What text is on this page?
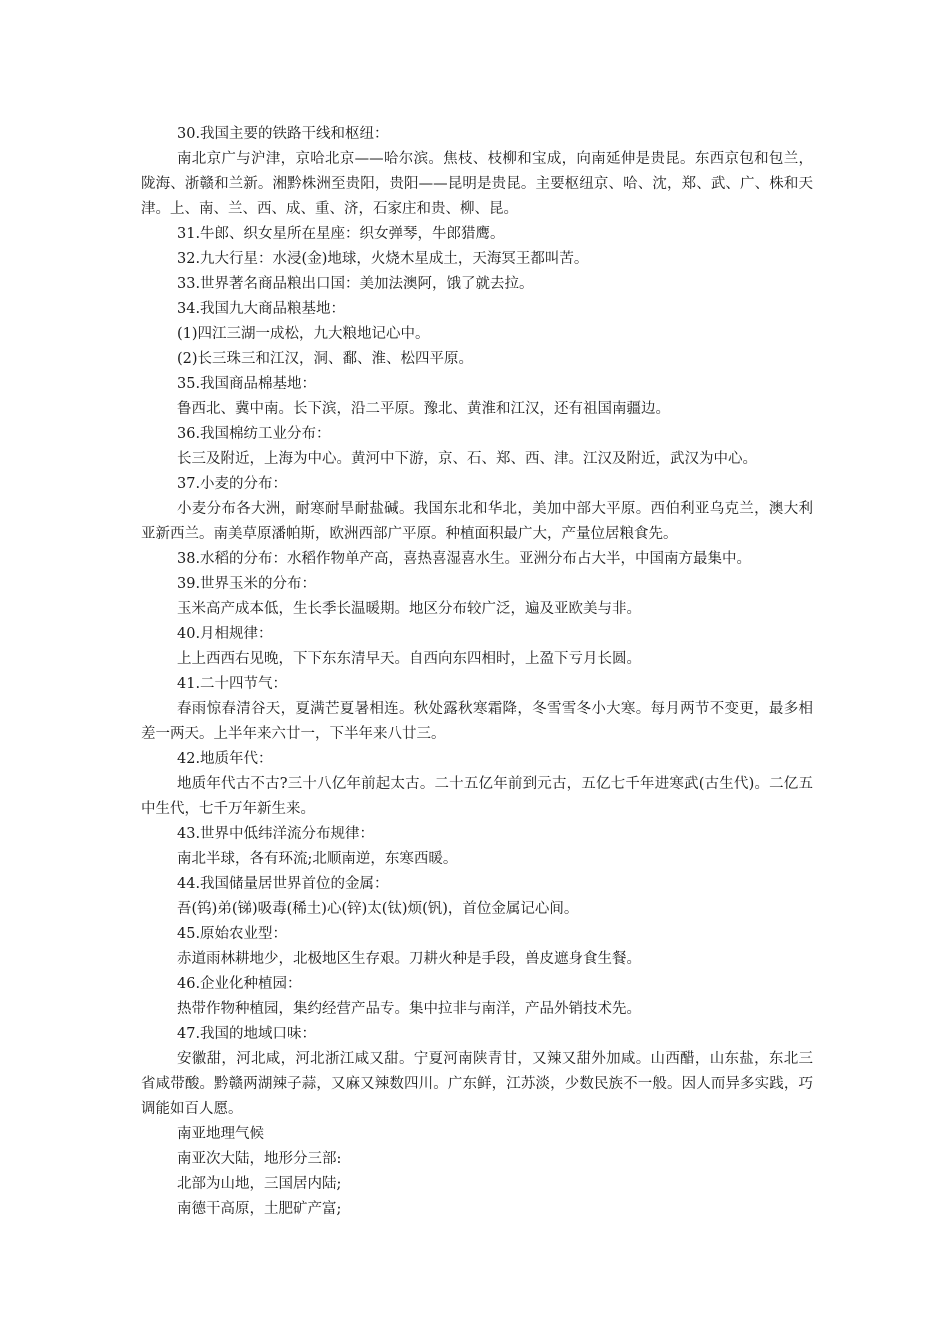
30.我国主要的铁路干线和枢纽：

南北京广与沪津，京哈北京——哈尔滨。焦枝、枝柳和宝成，向南延伸是贵昆。东西京包和包兰，陇海、浙赣和兰新。湘黔株洲至贵阳，贵阳——昆明是贵昆。主要枢纽京、哈、沈，郑、武、广、株和天津。上、南、兰、西、成、重、济，石家庄和贵、柳、昆。

31.牛郎、织女星所在星座：织女弹琴，牛郎猎鹰。

32.九大行星：水浸(金)地球，火烧木星成土，天海冥王都叫苦。

33.世界著名商品粮出口国：美加法澳阿，饿了就去拉。

34.我国九大商品粮基地：

(1)四江三湖一成松，九大粮地记心中。

(2)长三珠三和江汉，洞、鄱、淮、松四平原。

35.我国商品棉基地：

鲁西北、冀中南。长下滨，沿二平原。豫北、黄淮和江汉，还有祖国南疆边。

36.我国棉纺工业分布：

长三及附近，上海为中心。黄河中下游，京、石、郑、西、津。江汉及附近，武汉为中心。

37.小麦的分布：

小麦分布各大洲，耐寒耐旱耐盐碱。我国东北和华北，美加中部大平原。西伯利亚乌克兰，澳大利亚新西兰。南美草原潘帕斯，欧洲西部广平原。种植面积最广大，产量位居粮食先。

38.水稻的分布：水稻作物单产高，喜热喜湿喜水生。亚洲分布占大半，中国南方最集中。

39.世界玉米的分布：

玉米高产成本低，生长季长温暖期。地区分布较广泛，遍及亚欧美与非。

40.月相规律：

上上西西右见晚，下下东东清早天。自西向东四相时，上盈下亏月长圆。

41.二十四节气：

春雨惊春清谷天，夏满芒夏暑相连。秋处露秋寒霜降，冬雪雪冬小大寒。每月两节不变更，最多相差一两天。上半年来六廿一，下半年来八廿三。

42.地质年代：

地质年代古不古?三十八亿年前起太古。二十五亿年前到元古，五亿七千年进寒武(古生代)。二亿五中生代，七千万年新生来。

43.世界中低纬洋流分布规律：

南北半球，各有环流;北顺南逆，东寒西暖。

44.我国储量居世界首位的金属：

吾(钨)弟(锑)吸毒(稀土)心(锌)太(钛)烦(钒)，首位金属记心间。

45.原始农业型：

赤道雨林耕地少，北极地区生存艰。刀耕火种是手段，兽皮遮身食生餐。

46.企业化种植园：

热带作物种植园，集约经营产品专。集中拉非与南洋，产品外销技术先。

47.我国的地域口味：

安徽甜，河北咸，河北浙江咸又甜。宁夏河南陕青甘，又辣又甜外加咸。山西醋，山东盐，东北三省咸带酸。黔赣两湖辣子蒜，又麻又辣数四川。广东鲜，江苏淡，少数民族不一般。因人而异多实践，巧调能如百人愿。

南亚地理气候

南亚次大陆，地形分三部:

北部为山地，三国居内陆;

南德干高原，土肥矿产富;
